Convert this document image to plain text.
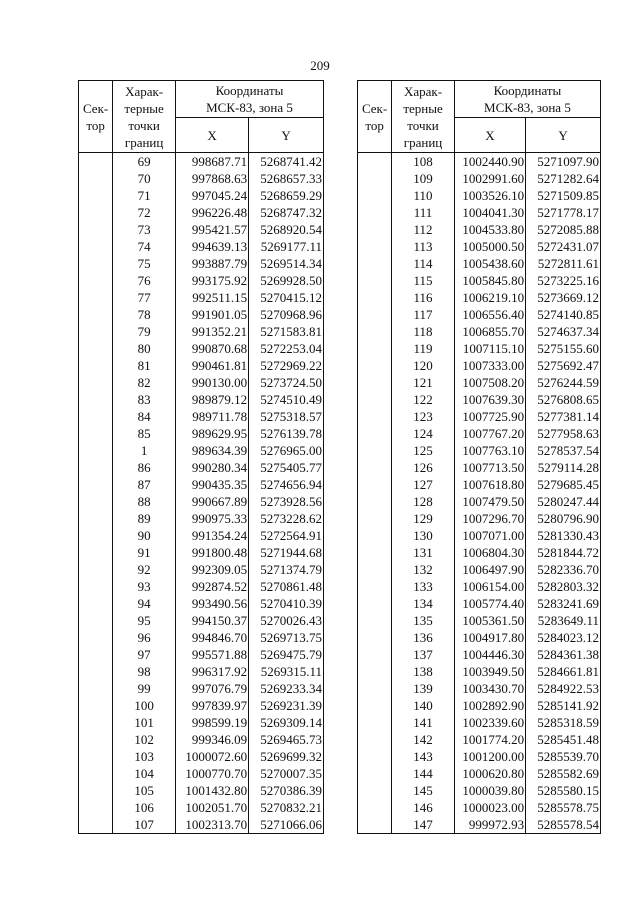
209
Сек-
тор	Харак-
терные
точки
границ	Координаты
МСК-83, зона 5	
		X	Y
	69	998687.71	5268741.42
	70	997868.63	5268657.33
	71	997045.24	5268659.29
	72	996226.48	5268747.32
	73	995421.57	5268920.54
	74	994639.13	5269177.11
	75	993887.79	5269514.34
	76	993175.92	5269928.50
	77	992511.15	5270415.12
	78	991901.05	5270968.96
	79	991352.21	5271583.81
	80	990870.68	5272253.04
	81	990461.81	5272969.22
	82	990130.00	5273724.50
	83	989879.12	5274510.49
	84	989711.78	5275318.57
	85	989629.95	5276139.78
	1	989634.39	5276965.00
	86	990280.34	5275405.77
	87	990435.35	5274656.94
	88	990667.89	5273928.56
	89	990975.33	5273228.62
	90	991354.24	5272564.91
	91	991800.48	5271944.68
	92	992309.05	5271374.79
	93	992874.52	5270861.48
	94	993490.56	5270410.39
	95	994150.37	5270026.43
	96	994846.70	5269713.75
	97	995571.88	5269475.79
	98	996317.92	5269315.11
	99	997076.79	5269233.34
	100	997839.97	5269231.39
	101	998599.19	5269309.14
	102	999346.09	5269465.73
	103	1000072.60	5269699.32
	104	1000770.70	5270007.35
	105	1001432.80	5270386.39
	106	1002051.70	5270832.21
	107	1002313.70	5271066.06
Сек-
тор	Харак-
терные
точки
границ	Координаты
МСК-83, зона 5	
		X	Y
	108	1002440.90	5271097.90
	109	1002991.60	5271282.64
	110	1003526.10	5271509.85
	111	1004041.30	5271778.17
	112	1004533.80	5272085.88
	113	1005000.50	5272431.07
	114	1005438.60	5272811.61
	115	1005845.80	5273225.16
	116	1006219.10	5273669.12
	117	1006556.40	5274140.85
	118	1006855.70	5274637.34
	119	1007115.10	5275155.60
	120	1007333.00	5275692.47
	121	1007508.20	5276244.59
	122	1007639.30	5276808.65
	123	1007725.90	5277381.14
	124	1007767.20	5277958.63
	125	1007763.10	5278537.54
	126	1007713.50	5279114.28
	127	1007618.80	5279685.45
	128	1007479.50	5280247.44
	129	1007296.70	5280796.90
	130	1007071.00	5281330.43
	131	1006804.30	5281844.72
	132	1006497.90	5282336.70
	133	1006154.00	5282803.32
	134	1005774.40	5283241.69
	135	1005361.50	5283649.11
	136	1004917.80	5284023.12
	137	1004446.30	5284361.38
	138	1003949.50	5284661.81
	139	1003430.70	5284922.53
	140	1002892.90	5285141.92
	141	1002339.60	5285318.59
	142	1001774.20	5285451.48
	143	1001200.00	5285539.70
	144	1000620.80	5285582.69
	145	1000039.80	5285580.15
	146	1000023.00	5285578.75
	147	999972.93	5285578.54
